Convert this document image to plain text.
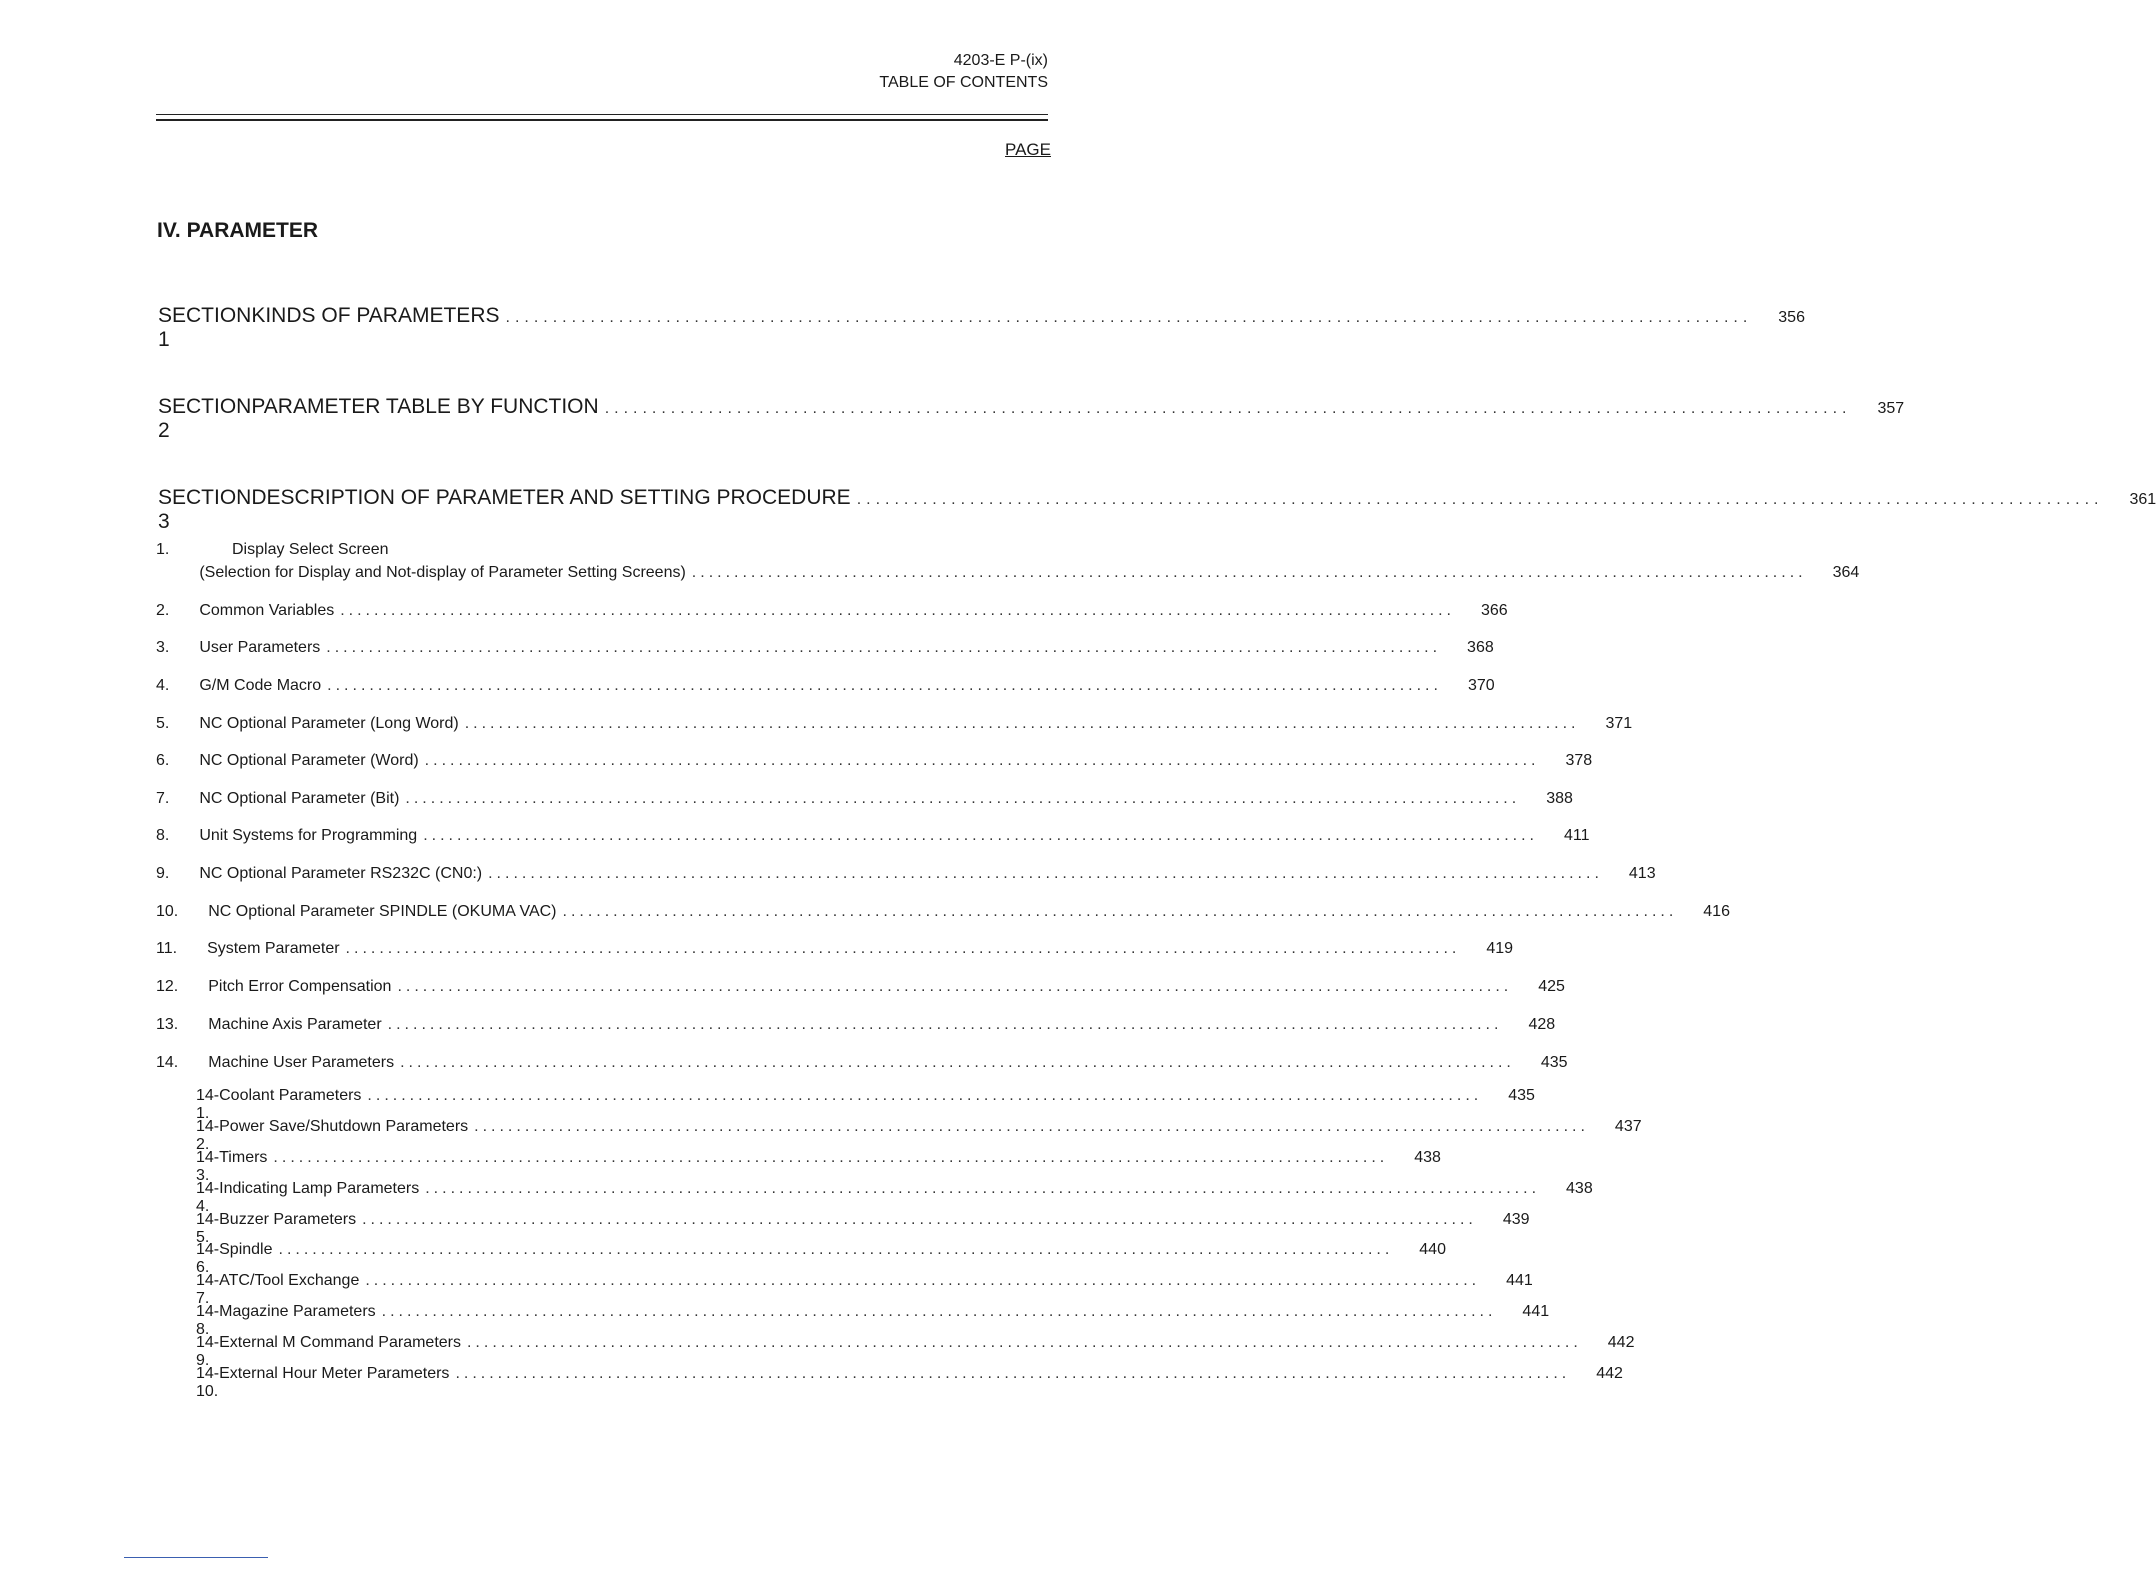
4203-E P-(ix)
TABLE OF CONTENTS
PAGE
IV. PARAMETER
SECTION 1
KINDS OF PARAMETERS .................................................................................................................................... 356
SECTION 2
PARAMETER TABLE BY FUNCTION .................................................................................................................................... 357
SECTION 3
DESCRIPTION OF PARAMETER AND SETTING PROCEDURE .................................................................................................................................... 361
Display Select Screen
1.
(Selection for Display and Not-display of Parameter Setting Screens) .................................................................................................................................... 364
2. Common Variables .................................................................................................................................... 366
3. User Parameters .................................................................................................................................... 368
4. G/M Code Macro .................................................................................................................................... 370
5. NC Optional Parameter (Long Word) .................................................................................................................................... 371
6. NC Optional Parameter (Word) .................................................................................................................................... 378
7. NC Optional Parameter (Bit) .................................................................................................................................... 388
8. Unit Systems for Programming .................................................................................................................................... 411
9. NC Optional Parameter RS232C (CN0:) .................................................................................................................................... 413
10. NC Optional Parameter SPINDLE (OKUMA VAC) .................................................................................................................................... 416
11. System Parameter .................................................................................................................................... 419
12. Pitch Error Compensation .................................................................................................................................... 425
13. Machine Axis Parameter .................................................................................................................................... 428
14. Machine User Parameters .................................................................................................................................... 435
14-1.
Coolant Parameters .................................................................................................................................... 435
14-2.
Power Save/Shutdown Parameters .................................................................................................................................... 437
14-3.
Timers .................................................................................................................................... 438
14-4.
Indicating Lamp Parameters .................................................................................................................................... 438
14-5.
Buzzer Parameters .................................................................................................................................... 439
14-6.
Spindle .................................................................................................................................... 440
14-7.
ATC/Tool Exchange .................................................................................................................................... 441
14-8.
Magazine Parameters .................................................................................................................................... 441
14-9.
External M Command Parameters .................................................................................................................................... 442
14-10.
External Hour Meter Parameters .................................................................................................................................... 442
